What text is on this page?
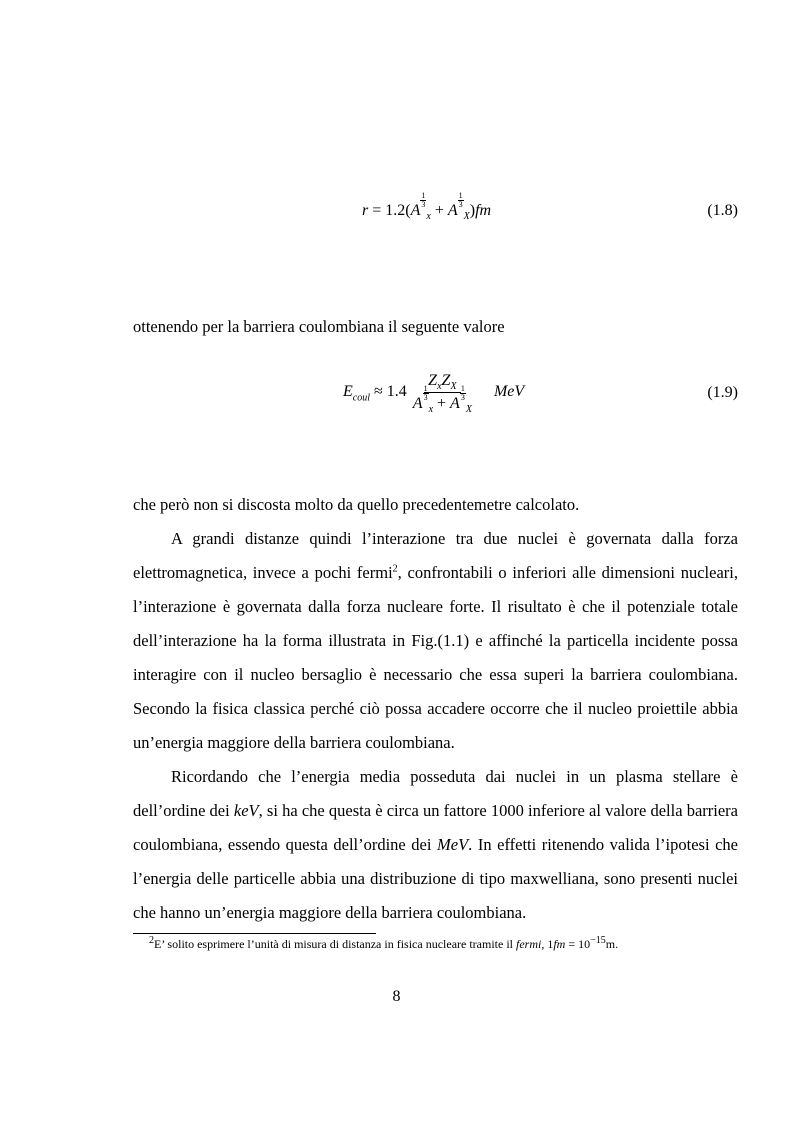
r = 1.2(A
$\frac{1}{3}$
$_x$ + A
$\frac{1}{3}$
$_X$)fm	(1.8)
ottenendo per la barriera coulombiana il seguente valore
$E_{coul} \approx 1.4$ $Z_xZ_X$
A
$\frac{1}{3}$
$_x$ + A
$\frac{1}{3}$
$_X$ MeV	(1.9)
che però non si discosta molto da quello precedentemetre calcolato.
A grandi distanze quindi l’interazione tra due nuclei è governata dalla forza elettromagnetica, invece a pochi fermi$^2$, confrontabili o inferiori alle dimensioni nucleari, l’interazione è governata dalla forza nucleare forte. Il risultato è che il potenziale totale dell’interazione ha la forma illustrata in Fig.(1.1) e affinché la particella incidente possa interagire con il nucleo bersaglio è necessario che essa superi la barriera coulombiana. Secondo la fisica classica perché ciò possa accadere occorre che il nucleo proiettile abbia un’energia maggiore della barriera coulombiana.
Ricordando che l’energia media posseduta dai nuclei in un plasma stellare è dell’ordine dei keV, si ha che questa è circa un fattore 1000 inferiore al valore della barriera coulombiana, essendo questa dell’ordine dei MeV. In effetti ritenendo valida l’ipotesi che l’energia delle particelle abbia una distribuzione di tipo maxwelliana, sono presenti nuclei che hanno un’energia maggiore della barriera coulombiana.
$^2$E’ solito esprimere l’unità di misura di distanza in fisica nucleare tramite il fermi, $1fm = 10^{-15}m$.
8
